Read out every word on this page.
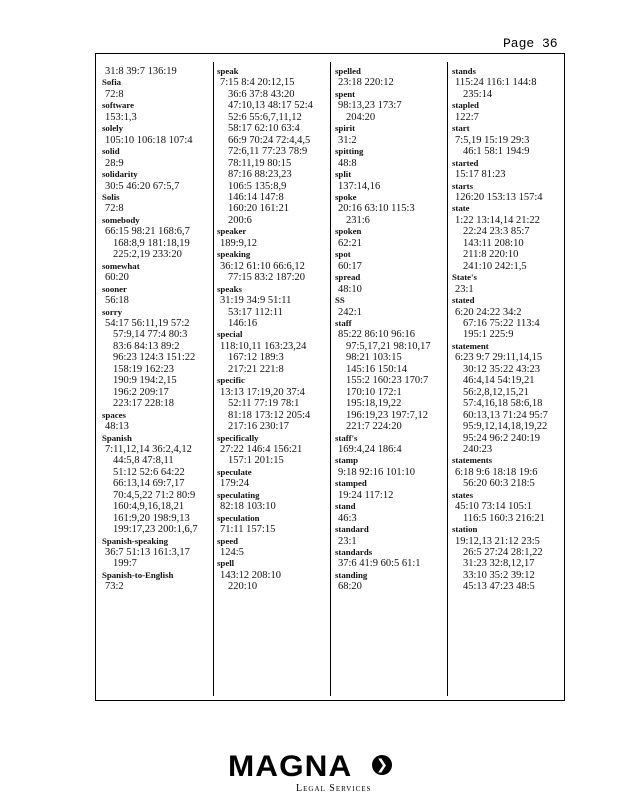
Page 36
31:8 39:7 136:19
Sofia
72:8
software
153:1,3
solely
105:10 106:18 107:4
solid
28:9
solidarity
30:5 46:20 67:5,7
Solis
72:8
somebody
66:15 98:21 168:6,7
168:8,9 181:18,19
225:2,19 233:20
somewhat
60:20
sooner
56:18
sorry
54:17 56:11,19 57:2
57:9,14 77:4 80:3
83:6 84:13 89:2
96:23 124:3 151:22
158:19 162:23
190:9 194:2,15
196:2 209:17
223:17 228:18
spaces
48:13
Spanish
7:11,12,14 36:2,4,12
44:5,8 47:8,11
51:12 52:6 64:22
66:13,14 69:7,17
70:4,5,22 71:2 80:9
160:4,9,16,18,21
161:9,20 198:9,13
199:17,23 200:1,6,7
Spanish-speaking
36:7 51:13 161:3,17
199:7
Spanish-to-English
73:2
speak
7:15 8:4 20:12,15
36:6 37:8 43:20
47:10,13 48:17 52:4
52:6 55:6,7,11,12
58:17 62:10 63:4
66:9 70:24 72:4,4,5
72:6,11 77:23 78:9
78:11,19 80:15
87:16 88:23,23
106:5 135:8,9
146:14 147:8
160:20 161:21
200:6
speaker
189:9,12
speaking
36:12 61:10 66:6,12
77:15 83:2 187:20
speaks
31:19 34:9 51:11
53:17 112:11
146:16
special
118:10,11 163:23,24
167:12 189:3
217:21 221:8
specific
13:13 17:19,20 37:4
52:11 77:19 78:1
81:18 173:12 205:4
217:16 230:17
specifically
27:22 146:4 156:21
157:1 201:15
speculate
179:24
speculating
82:18 103:10
speculation
71:11 157:15
speed
124:5
spell
143:12 208:10
220:10
spelled
23:18 220:12
spent
98:13,23 173:7
204:20
spirit
31:2
spitting
48:8
split
137:14,16
spoke
20:16 63:10 115:3
231:6
spoken
62:21
spot
60:17
spread
48:10
SS
242:1
staff
85:22 86:10 96:16
97:5,17,21 98:10,17
98:21 103:15
145:16 150:14
155:2 160:23 170:7
170:10 172:1
195:18,19,22
196:19,23 197:7,12
221:7 224:20
staff's
169:4,24 186:4
stamp
9:18 92:16 101:10
stamped
19:24 117:12
stand
46:3
standard
23:1
standards
37:6 41:9 60:5 61:1
standing
68:20
stands
115:24 116:1 144:8
235:14
stapled
122:7
start
7:5,19 15:19 29:3
46:1 58:1 194:9
started
15:17 81:23
starts
126:20 153:13 157:4
state
1:22 13:14,14 21:22
22:24 23:3 85:7
143:11 208:10
211:8 220:10
241:10 242:1,5
State's
23:1
stated
6:20 24:22 34:2
67:16 75:22 113:4
195:1 225:9
statement
6:23 9:7 29:11,14,15
30:12 35:22 43:23
46:4,14 54:19,21
56:2,8,12,15,21
57:4,16,18 58:6,18
60:13,13 71:24 95:7
95:9,12,14,18,19,22
95:24 96:2 240:19
240:23
statements
6:18 9:6 18:18 19:6
56:20 60:3 218:5
states
45:10 73:14 105:1
116:5 160:3 216:21
station
19:12,13 21:12 23:5
26:5 27:24 28:1,22
31:23 32:8,12,17
33:10 35:2 39:12
45:13 47:23 48:5
MAGNA ❯
Legal Services
